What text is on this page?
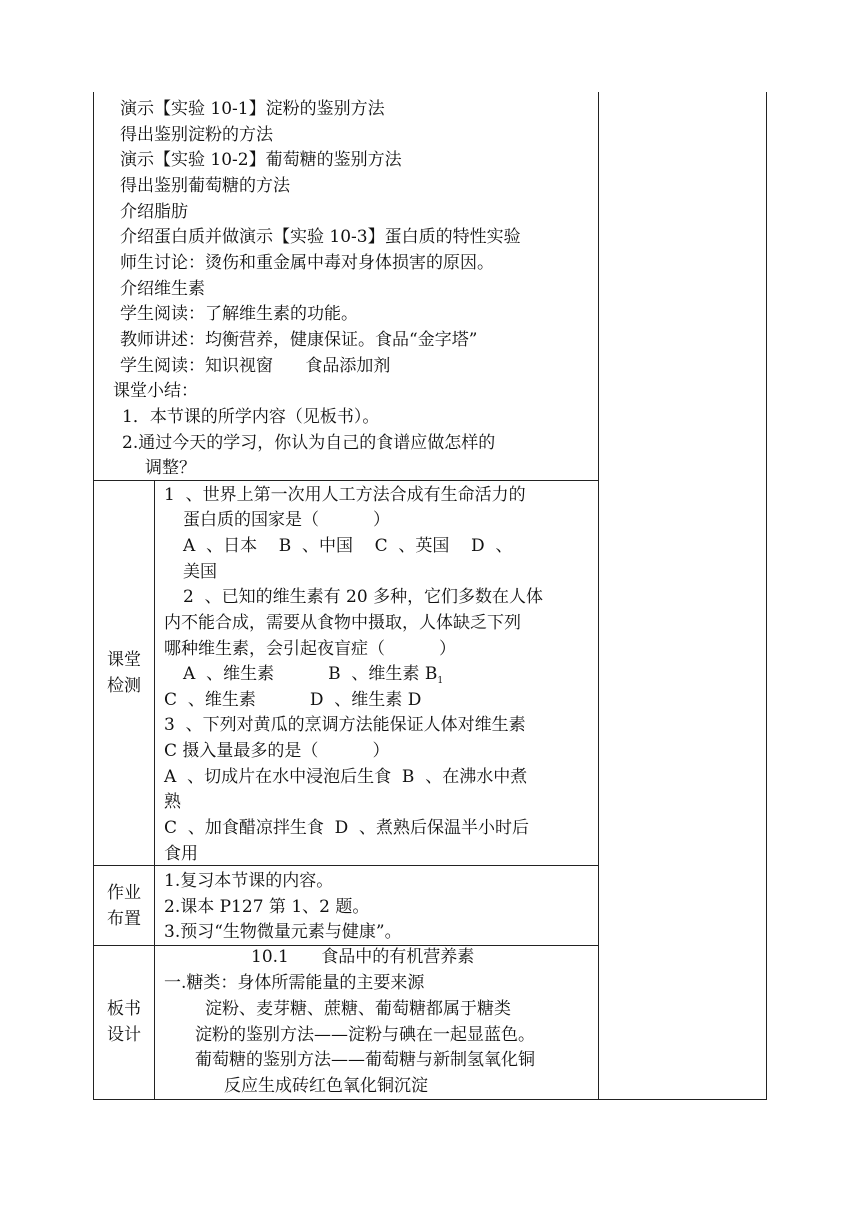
演示【实验 10-1】淀粉的鉴别方法
得出鉴别淀粉的方法
演示【实验 10-2】葡萄糖的鉴别方法
得出鉴别葡萄糖的方法
介绍脂肪
介绍蛋白质并做演示【实验 10-3】蛋白质的特性实验
师生讨论：烫伤和重金属中毒对身体损害的原因。
介绍维生素
学生阅读：了解维生素的功能。
教师讲述：均衡营养，健康保证。食品“金字塔”
学生阅读：知识视窗      食品添加剂
课堂小结：
1．本节课的所学内容（见板书）。
2.通过今天的学习，你认为自己的食谱应做怎样的
调整？
课堂
检测
1  、世界上第一次用人工方法合成有生命活力的
蛋白质的国家是（          ）
A  、日本    B  、中国    C  、英国    D  、
美国
2  、已知的维生素有 20 多种，它们多数在人体
内不能合成，需要从食物中摄取，人体缺乏下列
哪种维生素，会引起夜盲症（          ）
A  、维生素          B  、维生素 $B_1$
C  、维生素          D  、维生素 D
3  、下列对黄瓜的烹调方法能保证人体对维生素
C 摄入量最多的是（          ）
A  、切成片在水中浸泡后生食  B  、在沸水中煮
熟
C  、加食醋凉拌生食  D  、煮熟后保温半小时后
食用
作业
布置
1.复习本节课的内容。
2.课本 P127 第 1、2 题。
3.预习“生物微量元素与健康”。
板书
设计
10.1      食品中的有机营养素
一.糖类：身体所需能量的主要来源
淀粉、麦芽糖、蔗糖、葡萄糖都属于糖类
淀粉的鉴别方法——淀粉与碘在一起显蓝色。
葡萄糖的鉴别方法——葡萄糖与新制氢氧化铜
反应生成砖红色氧化铜沉淀
